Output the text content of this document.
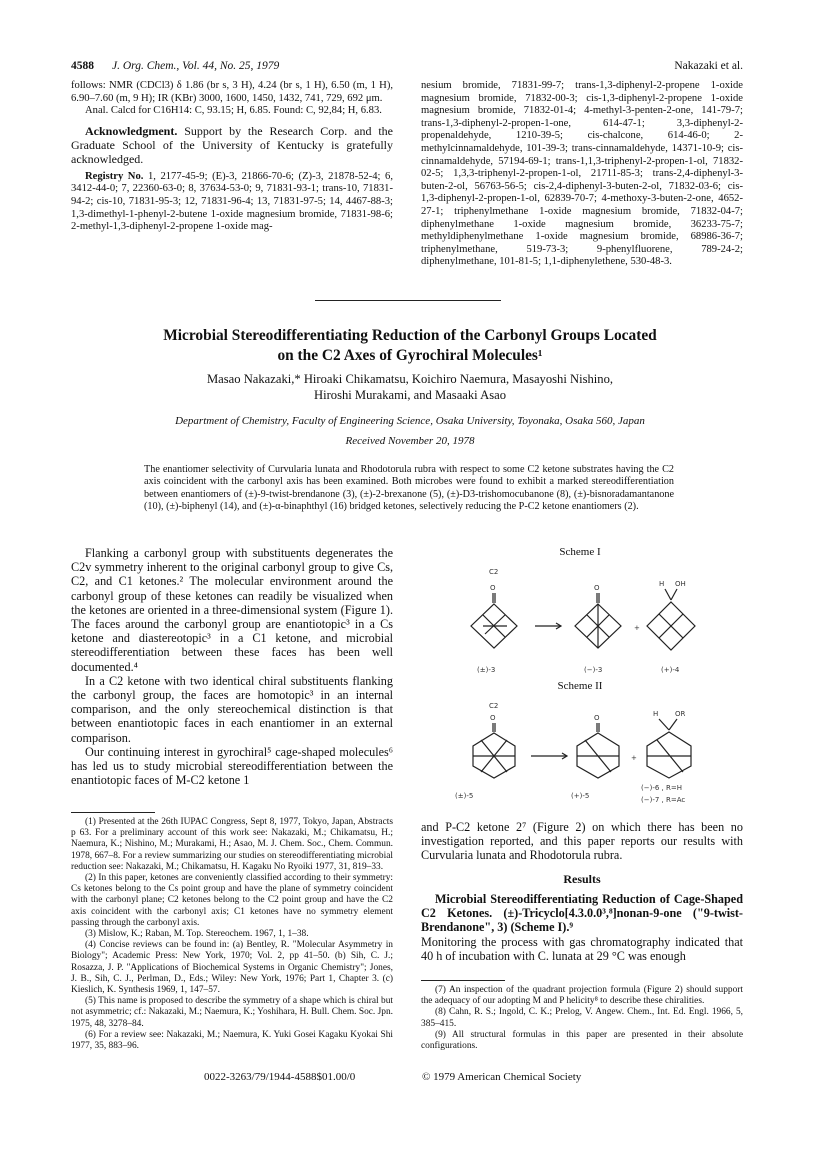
4588 J. Org. Chem., Vol. 44, No. 25, 1979	Nakazaki et al.

follows: NMR (CDCl3) δ 1.86 (br s, 3 H), 4.24 (br s, 1 H), 6.50 (m, 1 H), 6.90–7.60 (m, 9 H); IR (KBr) 3000, 1600, 1450, 1432, 741, 729, 692 μm.

Anal. Calcd for C16H14: C, 93.15; H, 6.85. Found: C, 92,84; H, 6.83.

Acknowledgment. Support by the Research Corp. and the Graduate School of the University of Kentucky is gratefully acknowledged.

Registry No. 1, 2177-45-9; (E)-3, 21866-70-6; (Z)-3, 21878-52-4; 6, 3412-44-0; 7, 22360-63-0; 8, 37634-53-0; 9, 71831-93-1; trans-10, 71831-94-2; cis-10, 71831-95-3; 12, 71831-96-4; 13, 71831-97-5; 14, 4467-88-3; 1,3-dimethyl-1-phenyl-2-butene 1-oxide magnesium bromide, 71831-98-6; 2-methyl-1,3-diphenyl-2-propene 1-oxide mag-

nesium bromide, 71831-99-7; trans-1,3-diphenyl-2-propene 1-oxide magnesium bromide, 71832-00-3; cis-1,3-diphenyl-2-propene 1-oxide magnesium bromide, 71832-01-4; 4-methyl-3-penten-2-one, 141-79-7; trans-1,3-diphenyl-2-propen-1-one, 614-47-1; 3,3-diphenyl-2-propenaldehyde, 1210-39-5; cis-chalcone, 614-46-0; 2-methylcinnamaldehyde, 101-39-3; trans-cinnamaldehyde, 14371-10-9; cis-cinnamaldehyde, 57194-69-1; trans-1,1,3-triphenyl-2-propen-1-ol, 71832-02-5; 1,3,3-triphenyl-2-propen-1-ol, 21711-85-3; trans-2,4-diphenyl-3-buten-2-ol, 56763-56-5; cis-2,4-diphenyl-3-buten-2-ol, 71832-03-6; cis-1,3-diphenyl-2-propen-1-ol, 62839-70-7; 4-methoxy-3-buten-2-one, 4652-27-1; triphenylmethane 1-oxide magnesium bromide, 71832-04-7; diphenylmethane 1-oxide magnesium bromide, 36233-75-7; methyldiphenylmethane 1-oxide magnesium bromide, 68986-36-7; triphenylmethane, 519-73-3; 9-phenylfluorene, 789-24-2; diphenylmethane, 101-81-5; 1,1-diphenylethene, 530-48-3.

Microbial Stereodifferentiating Reduction of the Carbonyl Groups Located
on the C2 Axes of Gyrochiral Molecules¹
Masao Nakazaki,* Hiroaki Chikamatsu, Koichiro Naemura, Masayoshi Nishino,
Hiroshi Murakami, and Masaaki Asao
Department of Chemistry, Faculty of Engineering Science, Osaka University, Toyonaka, Osaka 560, Japan
Received November 20, 1978
The enantiomer selectivity of Curvularia lunata and Rhodotorula rubra with respect to some C2 ketone substrates having the C2 axis coincident with the carbonyl axis has been examined. Both microbes were found to exhibit a marked stereodifferentiation between enantiomers of (±)-9-twist-brendanone (3), (±)-2-brexanone (5), (±)-D3-trishomocubanone (8), (±)-bisnoradamantanone (10), (±)-biphenyl (14), and (±)-α-binaphthyl (16) bridged ketones, selectively reducing the P-C2 ketone enantiomers (2).

Flanking a carbonyl group with substituents degenerates the C2v symmetry inherent to the original carbonyl group to give Cs, C2, and C1 ketones.² The molecular environment around the carbonyl group of these ketones can readily be visualized when the ketones are oriented in a three-dimensional system (Figure 1). The faces around the carbonyl group are enantiotopic³ in a Cs ketone and diastereotopic³ in a C1 ketone, and microbial stereodifferentiation between these faces has been well documented.⁴

In a C2 ketone with two identical chiral substituents flanking the carbonyl group, the faces are homotopic³ in an internal comparison, and the only stereochemical distinction is that between enantiotopic faces in each enantiomer in an external comparison.

Our continuing interest in gyrochiral⁵ cage-shaped molecules⁶ has led us to study microbial stereodifferentiation between the enantiotopic faces of M-C2 ketone 1

(1) Presented at the 26th IUPAC Congress, Sept 8, 1977, Tokyo, Japan, Abstracts p 63. For a preliminary account of this work see: Nakazaki, M.; Chikamatsu, H.; Naemura, K.; Nishino, M.; Murakami, H.; Asao, M. J. Chem. Soc., Chem. Commun. 1978, 667–8. For a review summarizing our studies on stereodifferentiating microbial reduction see: Nakazaki, M.; Chikamatsu, H. Kagaku No Ryoiki 1977, 31, 819–33.

(2) In this paper, ketones are conveniently classified according to their symmetry: Cs ketones belong to the Cs point group and have the plane of symmetry coincident with the carbonyl plane; C2 ketones belong to the C2 point group and have the C2 axis coincident with the carbonyl axis; C1 ketones have no symmetry element passing through the carbonyl axis.

(3) Mislow, K.; Raban, M. Top. Stereochem. 1967, 1, 1–38.

(4) Concise reviews can be found in: (a) Bentley, R. "Molecular Asymmetry in Biology"; Academic Press: New York, 1970; Vol. 2, pp 41–50. (b) Sih, C. J.; Rosazza, J. P. "Applications of Biochemical Systems in Organic Chemistry"; Jones, J. B., Sih, C. J., Perlman, D., Eds.; Wiley: New York, 1976; Part 1, Chapter 3. (c) Kieslich, K. Synthesis 1969, 1, 147–57.

(5) This name is proposed to describe the symmetry of a shape which is chiral but not asymmetric; cf.: Nakazaki, M.; Naemura, K.; Yoshihara, H. Bull. Chem. Soc. Jpn. 1975, 48, 3278–84.

(6) For a review see: Nakazaki, M.; Naemura, K. Yuki Gosei Kagaku Kyokai Shi 1977, 35, 883–96.

Scheme I
C2
O	O
+
H OH
(±)-3	(−)-3	(+)-4
Scheme II
C2
O	O
+
H OR
(±)-5	(+)-5
(−)-6 , R=H
(−)-7 , R=Ac

and P-C2 ketone 2⁷ (Figure 2) on which there has been no investigation reported, and this paper reports our results with Curvularia lunata and Rhodotorula rubra.

Results

Microbial Stereodifferentiating Reduction of Cage-Shaped C2 Ketones. (±)-Tricyclo[4.3.0.0³,⁸]nonan-9-one ("9-twist-Brendanone", 3) (Scheme I).⁹

Monitoring the process with gas chromatography indicated that 40 h of incubation with C. lunata at 29 °C was enough

(7) An inspection of the quadrant projection formula (Figure 2) should support the adequacy of our adopting M and P helicity⁸ to describe these chiralities.

(8) Cahn, R. S.; Ingold, C. K.; Prelog, V. Angew. Chem., Int. Ed. Engl. 1966, 5, 385–415.

(9) All structural formulas in this paper are presented in their absolute configurations.

0022-3263/79/1944-4588$01.00/0	© 1979 American Chemical Society
